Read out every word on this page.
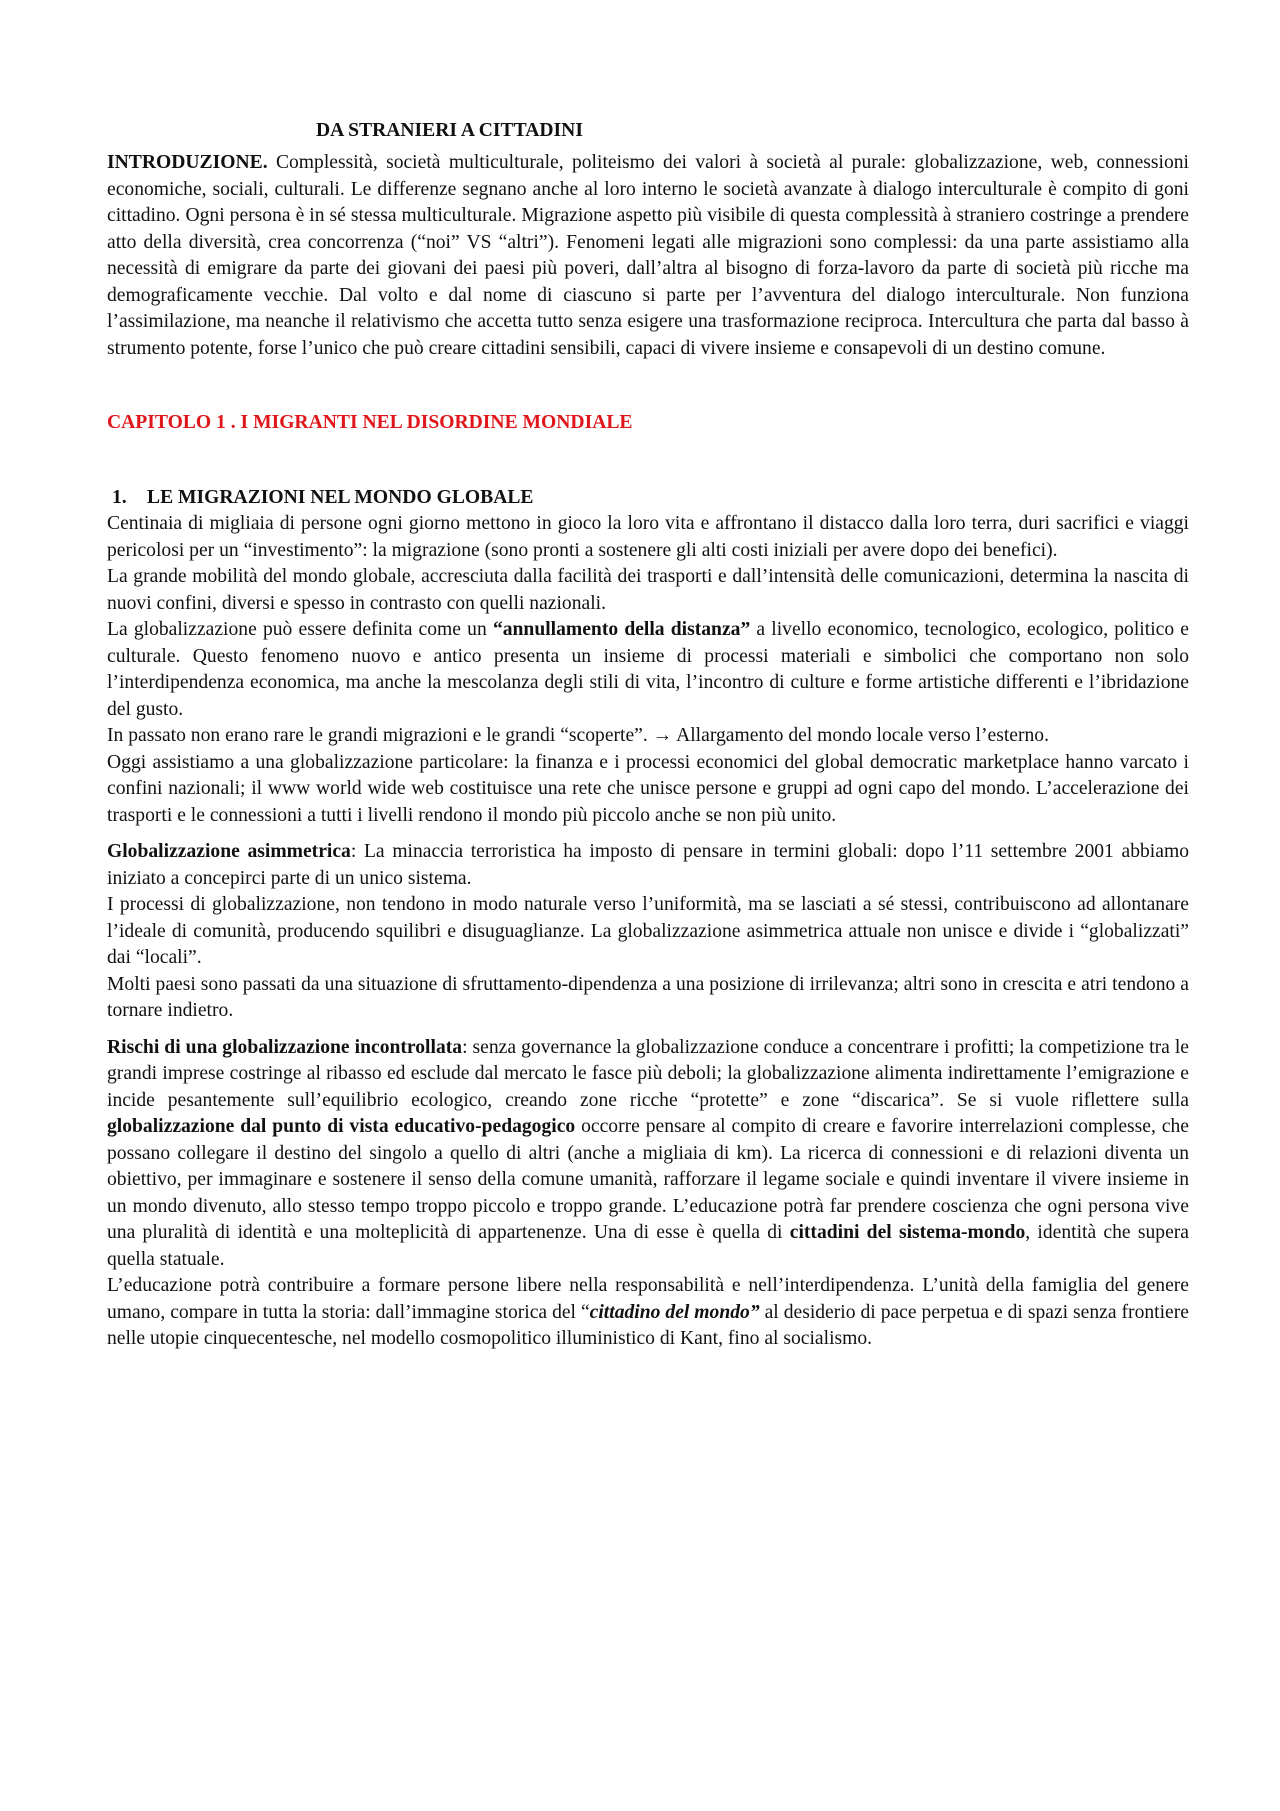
DA STRANIERI A CITTADINI

INTRODUZIONE. Complessità, società multiculturale, politeismo dei valori à società al purale: globalizzazione, web, connessioni economiche, sociali, culturali. Le differenze segnano anche al loro interno le società avanzate à dialogo interculturale è compito di goni cittadino. Ogni persona è in sé stessa multiculturale. Migrazione aspetto più visibile di questa complessità à straniero costringe a prendere atto della diversità, crea concorrenza (“noi” VS “altri”). Fenomeni legati alle migrazioni sono complessi: da una parte assistiamo alla necessità di emigrare da parte dei giovani dei paesi più poveri, dall’altra al bisogno di forza-lavoro da parte di società più ricche ma demograficamente vecchie. Dal volto e dal nome di ciascuno si parte per l’avventura del dialogo interculturale. Non funziona l’assimilazione, ma neanche il relativismo che accetta tutto senza esigere una trasformazione reciproca. Intercultura che parta dal basso à strumento potente, forse l’unico che può creare cittadini sensibili, capaci di vivere insieme e consapevoli di un destino comune.

CAPITOLO 1 . I MIGRANTI NEL DISORDINE MONDIALE
1. LE MIGRAZIONI NEL MONDO GLOBALE

Centinaia di migliaia di persone ogni giorno mettono in gioco la loro vita e affrontano il distacco dalla loro terra, duri sacrifici e viaggi pericolosi per un “investimento”: la migrazione (sono pronti a sostenere gli alti costi iniziali per avere dopo dei benefici).

La grande mobilità del mondo globale, accresciuta dalla facilità dei trasporti e dall’intensità delle comunicazioni, determina la nascita di nuovi confini, diversi e spesso in contrasto con quelli nazionali.

La globalizzazione può essere definita come un “annullamento della distanza” a livello economico, tecnologico, ecologico, politico e culturale. Questo fenomeno nuovo e antico presenta un insieme di processi materiali e simbolici che comportano non solo l’interdipendenza economica, ma anche la mescolanza degli stili di vita, l’incontro di culture e forme artistiche differenti e l’ibridazione del gusto.

In passato non erano rare le grandi migrazioni e le grandi “scoperte”. → Allargamento del mondo locale verso l’esterno.

Oggi assistiamo a una globalizzazione particolare: la finanza e i processi economici del global democratic marketplace hanno varcato i confini nazionali; il www world wide web costituisce una rete che unisce persone e gruppi ad ogni capo del mondo. L’accelerazione dei trasporti e le connessioni a tutti i livelli rendono il mondo più piccolo anche se non più unito.

Globalizzazione asimmetrica: La minaccia terroristica ha imposto di pensare in termini globali: dopo l’11 settembre 2001 abbiamo iniziato a concepirci parte di un unico sistema.

I processi di globalizzazione, non tendono in modo naturale verso l’uniformità, ma se lasciati a sé stessi, contribuiscono ad allontanare l’ideale di comunità, producendo squilibri e disuguaglianze. La globalizzazione asimmetrica attuale non unisce e divide i “globalizzati” dai “locali”.

Molti paesi sono passati da una situazione di sfruttamento-dipendenza a una posizione di irrilevanza; altri sono in crescita e atri tendono a tornare indietro.

Rischi di una globalizzazione incontrollata: senza governance la globalizzazione conduce a concentrare i profitti; la competizione tra le grandi imprese costringe al ribasso ed esclude dal mercato le fasce più deboli; la globalizzazione alimenta indirettamente l’emigrazione e incide pesantemente sull’equilibrio ecologico, creando zone ricche “protette” e zone “discarica”. Se si vuole riflettere sulla globalizzazione dal punto di vista educativo-pedagogico occorre pensare al compito di creare e favorire interrelazioni complesse, che possano collegare il destino del singolo a quello di altri (anche a migliaia di km). La ricerca di connessioni e di relazioni diventa un obiettivo, per immaginare e sostenere il senso della comune umanità, rafforzare il legame sociale e quindi inventare il vivere insieme in un mondo divenuto, allo stesso tempo troppo piccolo e troppo grande. L’educazione potrà far prendere coscienza che ogni persona vive una pluralità di identità e una molteplicità di appartenenze. Una di esse è quella di cittadini del sistema-mondo, identità che supera quella statuale.

L’educazione potrà contribuire a formare persone libere nella responsabilità e nell’interdipendenza. L’unità della famiglia del genere umano, compare in tutta la storia: dall’immagine storica del “cittadino del mondo” al desiderio di pace perpetua e di spazi senza frontiere nelle utopie cinquecentesche, nel modello cosmopolitico illuministico di Kant, fino al socialismo.
